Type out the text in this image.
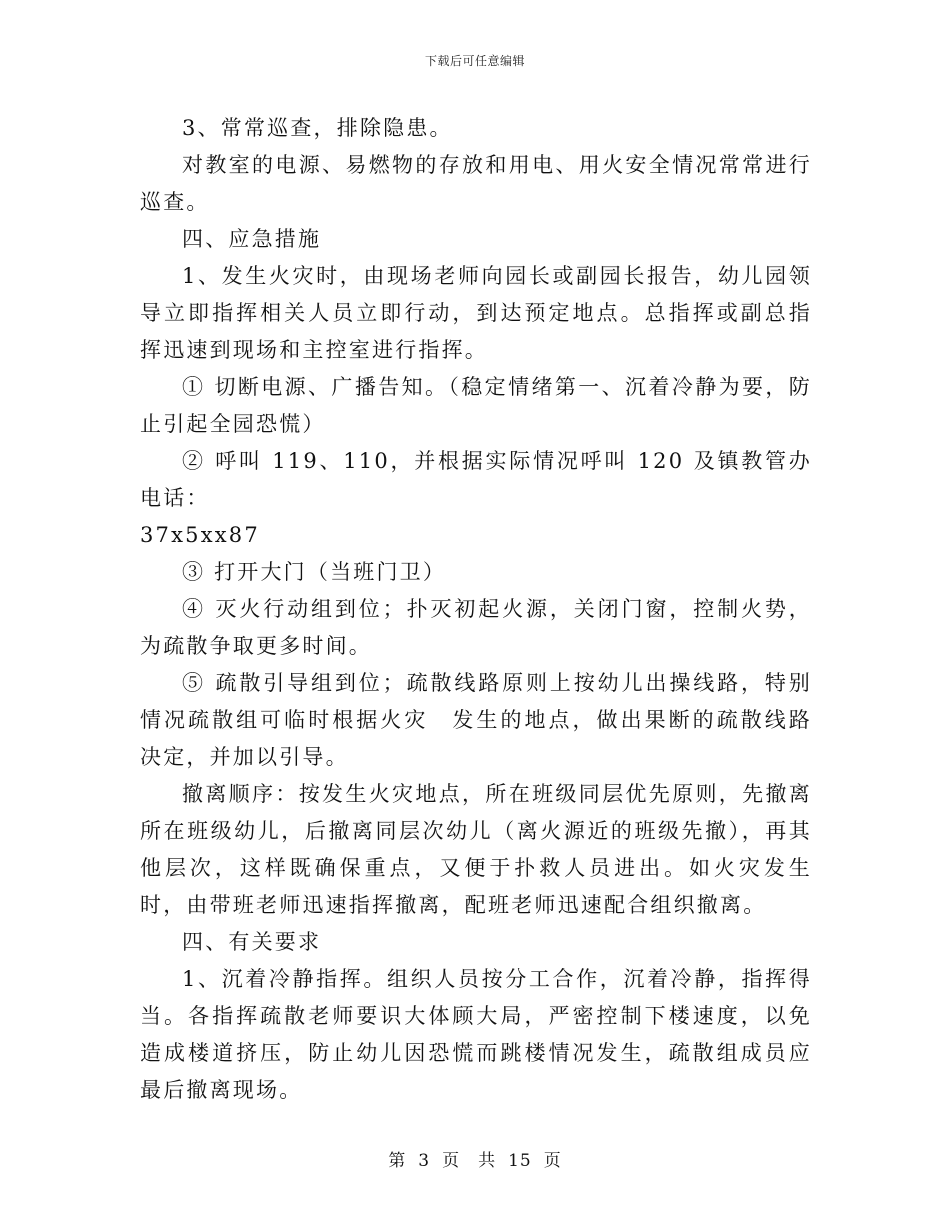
下载后可任意编辑

3、常常巡查，排除隐患。

对教室的电源、易燃物的存放和用电、用火安全情况常常进行巡查。

四、应急措施

1、发生火灾时，由现场老师向园长或副园长报告，幼儿园领导立即指挥相关人员立即行动，到达预定地点。总指挥或副总指挥迅速到现场和主控室进行指挥。

① 切断电源、广播告知。（稳定情绪第一、沉着冷静为要，防止引起全园恐慌）

② 呼叫 119、110，并根据实际情况呼叫 120 及镇教管办电话：

37x5xx87

③ 打开大门（当班门卫）

④ 灭火行动组到位；扑灭初起火源，关闭门窗，控制火势，为疏散争取更多时间。

⑤ 疏散引导组到位；疏散线路原则上按幼儿出操线路，特别情况疏散组可临时根据火灾　发生的地点，做出果断的疏散线路决定，并加以引导。

撤离顺序：按发生火灾地点，所在班级同层优先原则，先撤离所在班级幼儿，后撤离同层次幼儿（离火源近的班级先撤），再其他层次，这样既确保重点，又便于扑救人员进出。如火灾发生时，由带班老师迅速指挥撤离，配班老师迅速配合组织撤离。

四、有关要求

1、沉着冷静指挥。组织人员按分工合作，沉着冷静，指挥得当。各指挥疏散老师要识大体顾大局，严密控制下楼速度，以免造成楼道挤压，防止幼儿因恐慌而跳楼情况发生，疏散组成员应最后撤离现场。

第 3 页　共 15 页
